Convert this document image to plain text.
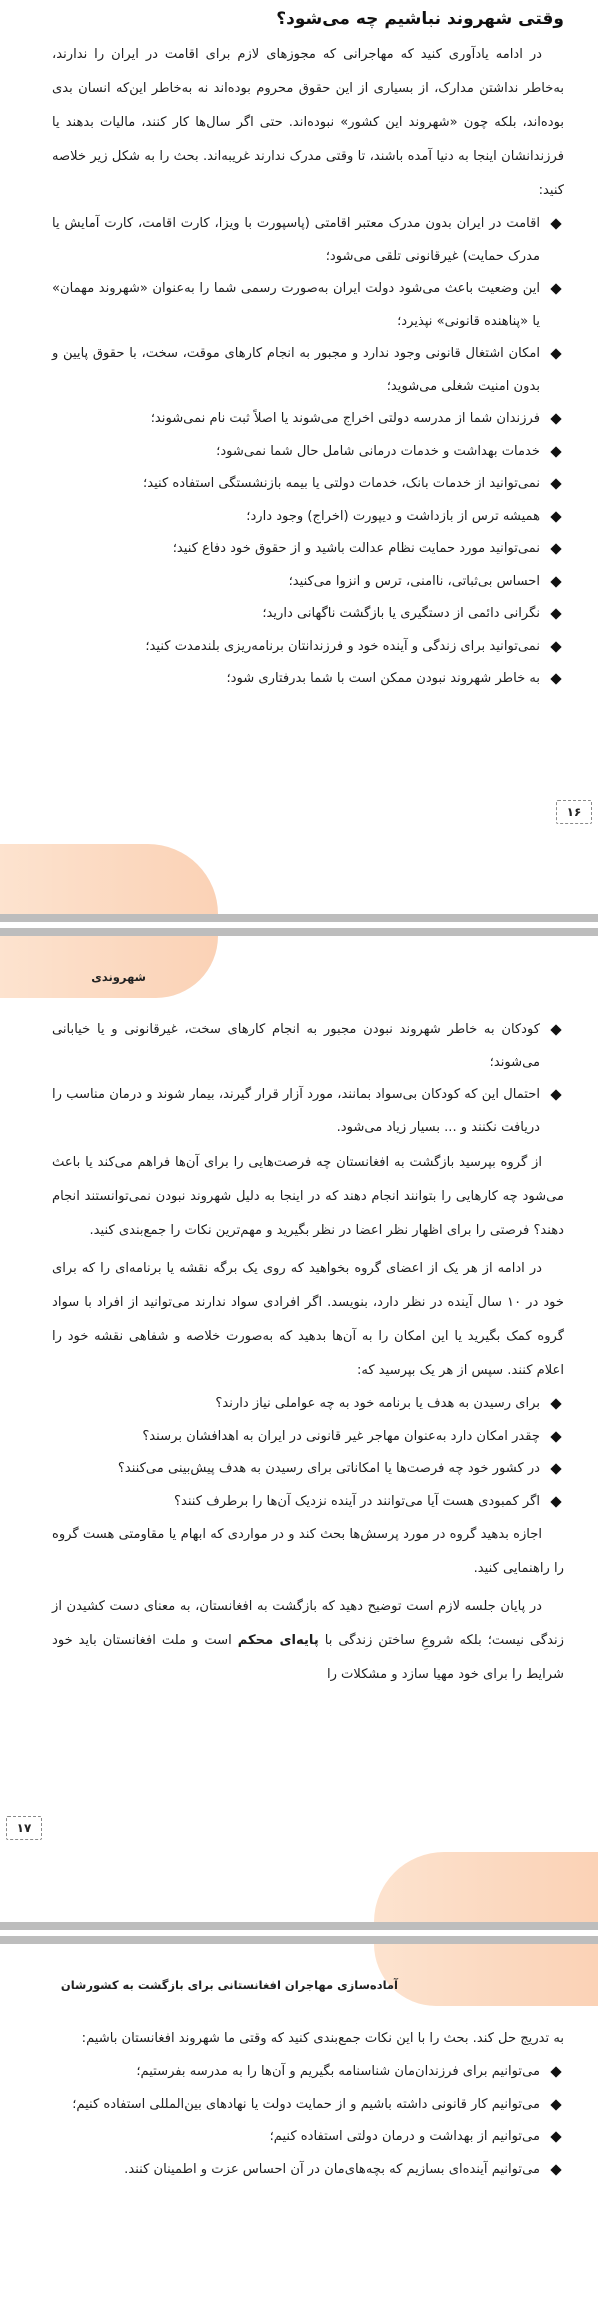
وقتی شهروند نباشیم چه می‌شود؟

در ادامه یادآوری کنید که مهاجرانی که مجوزهای لازم برای اقامت در ایران را ندارند، به‌خاطر نداشتن مدارک، از بسیاری از این حقوق محروم بوده‌اند نه به‌خاطر این‌که انسان بدی بوده‌اند، بلکه چون «شهروند این کشور» نبوده‌اند. حتی اگر سال‌ها کار کنند، مالیات بدهند یا فرزندانشان اینجا به دنیا آمده باشند، تا وقتی مدرک ندارند غریبه‌اند. بحث را به شکل زیر خلاصه کنید:

اقامت در ایران بدون مدرک معتبر اقامتی (پاسپورت با ویزا، کارت اقامت، کارت آمایش یا مدرک حمایت) غیرقانونی تلقی می‌شود؛
این وضعیت باعث می‌شود دولت ایران به‌صورت رسمی شما را به‌عنوان «شهروند مهمان» یا «پناهنده قانونی» نپذیرد؛
امکان اشتغال قانونی وجود ندارد و مجبور به انجام کارهای موقت، سخت، با حقوق پایین و بدون امنیت شغلی می‌شوید؛
فرزندان شما از مدرسه دولتی اخراج می‌شوند یا اصلاً ثبت نام نمی‌شوند؛
خدمات بهداشت و خدمات درمانی شامل حال شما نمی‌شود؛
نمی‌توانید از خدمات بانک، خدمات دولتی یا بیمه بازنشستگی استفاده کنید؛
همیشه ترس از بازداشت و دیپورت (اخراج) وجود دارد؛
نمی‌توانید مورد حمایت نظام عدالت باشید و از حقوق خود دفاع کنید؛
احساس بی‌ثباتی، ناامنی، ترس و انزوا می‌کنید؛
نگرانی دائمی از دستگیری یا بازگشت ناگهانی دارید؛
نمی‌توانید برای زندگی و آینده خود و فرزندانتان برنامه‌ریزی بلندمدت کنید؛
به خاطر شهروند نبودن ممکن است با شما بدرفتاری شود؛
۱۶
شهروندی
کودکان به خاطر شهروند نبودن مجبور به انجام کارهای سخت، غیرقانونی و یا خیابانی می‌شوند؛
احتمال این که کودکان بی‌سواد بمانند، مورد آزار قرار گیرند، بیمار شوند و درمان مناسب را دریافت نکنند و ... بسیار زیاد می‌شود.

از گروه بپرسید بازگشت به افغانستان چه فرصت‌هایی را برای آن‌ها فراهم می‌کند یا باعث می‌شود چه کارهایی را بتوانند انجام دهند که در اینجا به دلیل شهروند نبودن نمی‌توانستند انجام دهند؟ فرصتی را برای اظهار نظر اعضا در نظر بگیرید و مهم‌ترین نکات را جمع‌بندی کنید.

در ادامه از هر یک از اعضای گروه بخواهید که روی یک برگه نقشه یا برنامه‌ای را که برای خود در ۱۰ سال آینده در نظر دارد، بنویسد. اگر افرادی سواد ندارند می‌توانید از افراد با سواد گروه کمک بگیرید یا این امکان را به آن‌ها بدهید که به‌صورت خلاصه و شفاهی نقشه خود را اعلام کنند. سپس از هر یک بپرسید که:

برای رسیدن به هدف یا برنامه خود به چه عواملی نیاز دارند؟
چقدر امکان دارد به‌عنوان مهاجر غیر قانونی در ایران به اهدافشان برسند؟
در کشور خود چه فرصت‌ها یا امکاناتی برای رسیدن به هدف پیش‌بینی می‌کنند؟
اگر کمبودی هست آیا می‌توانند در آینده نزدیک آن‌ها را برطرف کنند؟

اجازه بدهید گروه در مورد پرسش‌ها بحث کند و در مواردی که ابهام یا مقاومتی هست گروه را راهنمایی کنید.

در پایان جلسه لازم است توضیح دهید که بازگشت به افغانستان، به معنای دست کشیدن از زندگی نیست؛ بلکه شروعِ ساختن زندگی با پایه‌ای محکم است و ملت افغانستان باید خود شرایط را برای خود مهیا سازد و مشکلات را

۱۷
آماده‌سازی مهاجران افغانستانی برای بازگشت به کشورشان

به تدریج حل کند. بحث را با این نکات جمع‌بندی کنید که وقتی ما شهروند افغانستان باشیم:

می‌توانیم برای فرزندان‌مان شناسنامه بگیریم و آن‌ها را به مدرسه بفرستیم؛
می‌توانیم کار قانونی داشته باشیم و از حمایت دولت یا نهادهای بین‌المللی استفاده کنیم؛
می‌توانیم از بهداشت و درمان دولتی استفاده کنیم؛
می‌توانیم آینده‌ای بسازیم که بچه‌های‌مان در آن احساس عزت و اطمینان کنند.
